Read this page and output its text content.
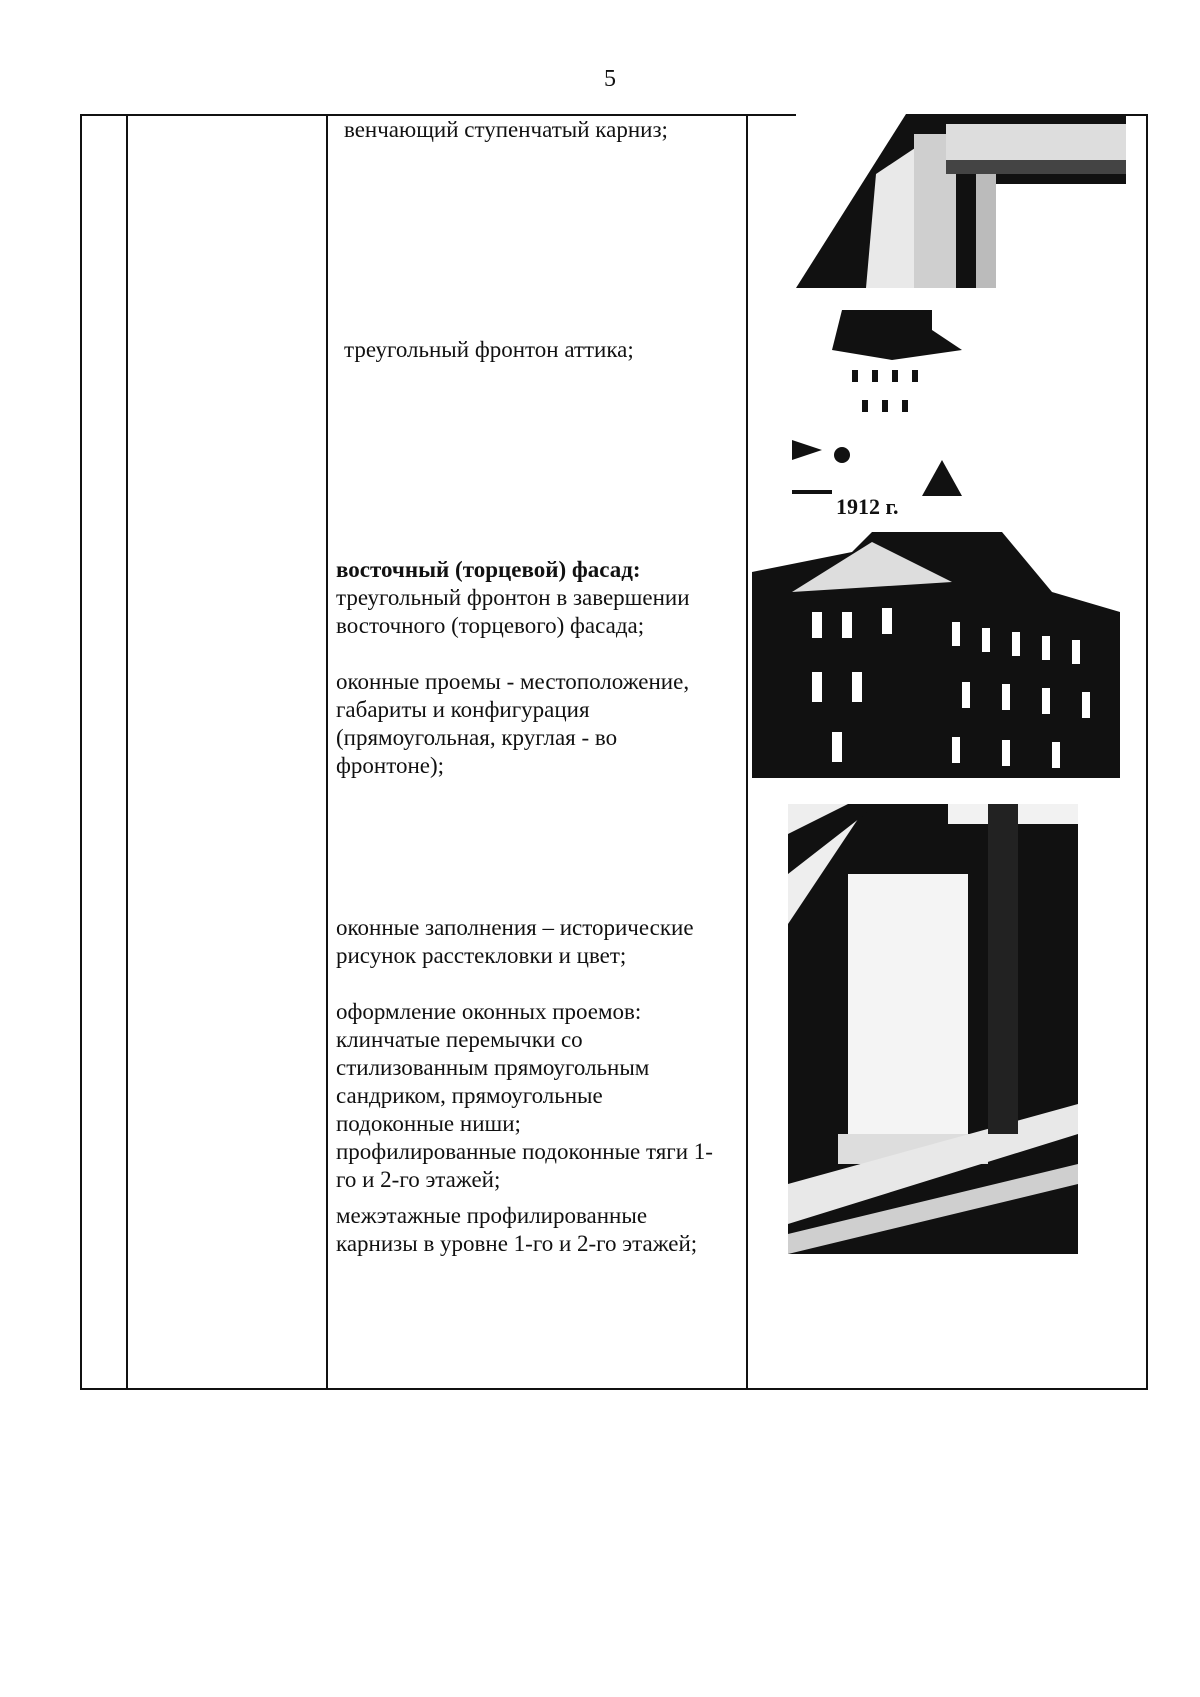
5
венчающий ступенчатый карниз;
треугольный фронтон аттика;
восточный (торцевой) фасад:
треугольный фронтон в завершении
восточного (торцевого) фасада;
оконные проемы - местоположение,
габариты и конфигурация
(прямоугольная, круглая - во
фронтоне);
оконные заполнения – исторические
рисунок расстекловки и цвет;
оформление оконных проемов:
клинчатые перемычки со
стилизованным прямоугольным
сандриком, прямоугольные
подоконные ниши;
профилированные подоконные тяги 1-
го и 2-го этажей;
межэтажные профилированные
карнизы в уровне 1-го и 2-го этажей;
1912 г.
